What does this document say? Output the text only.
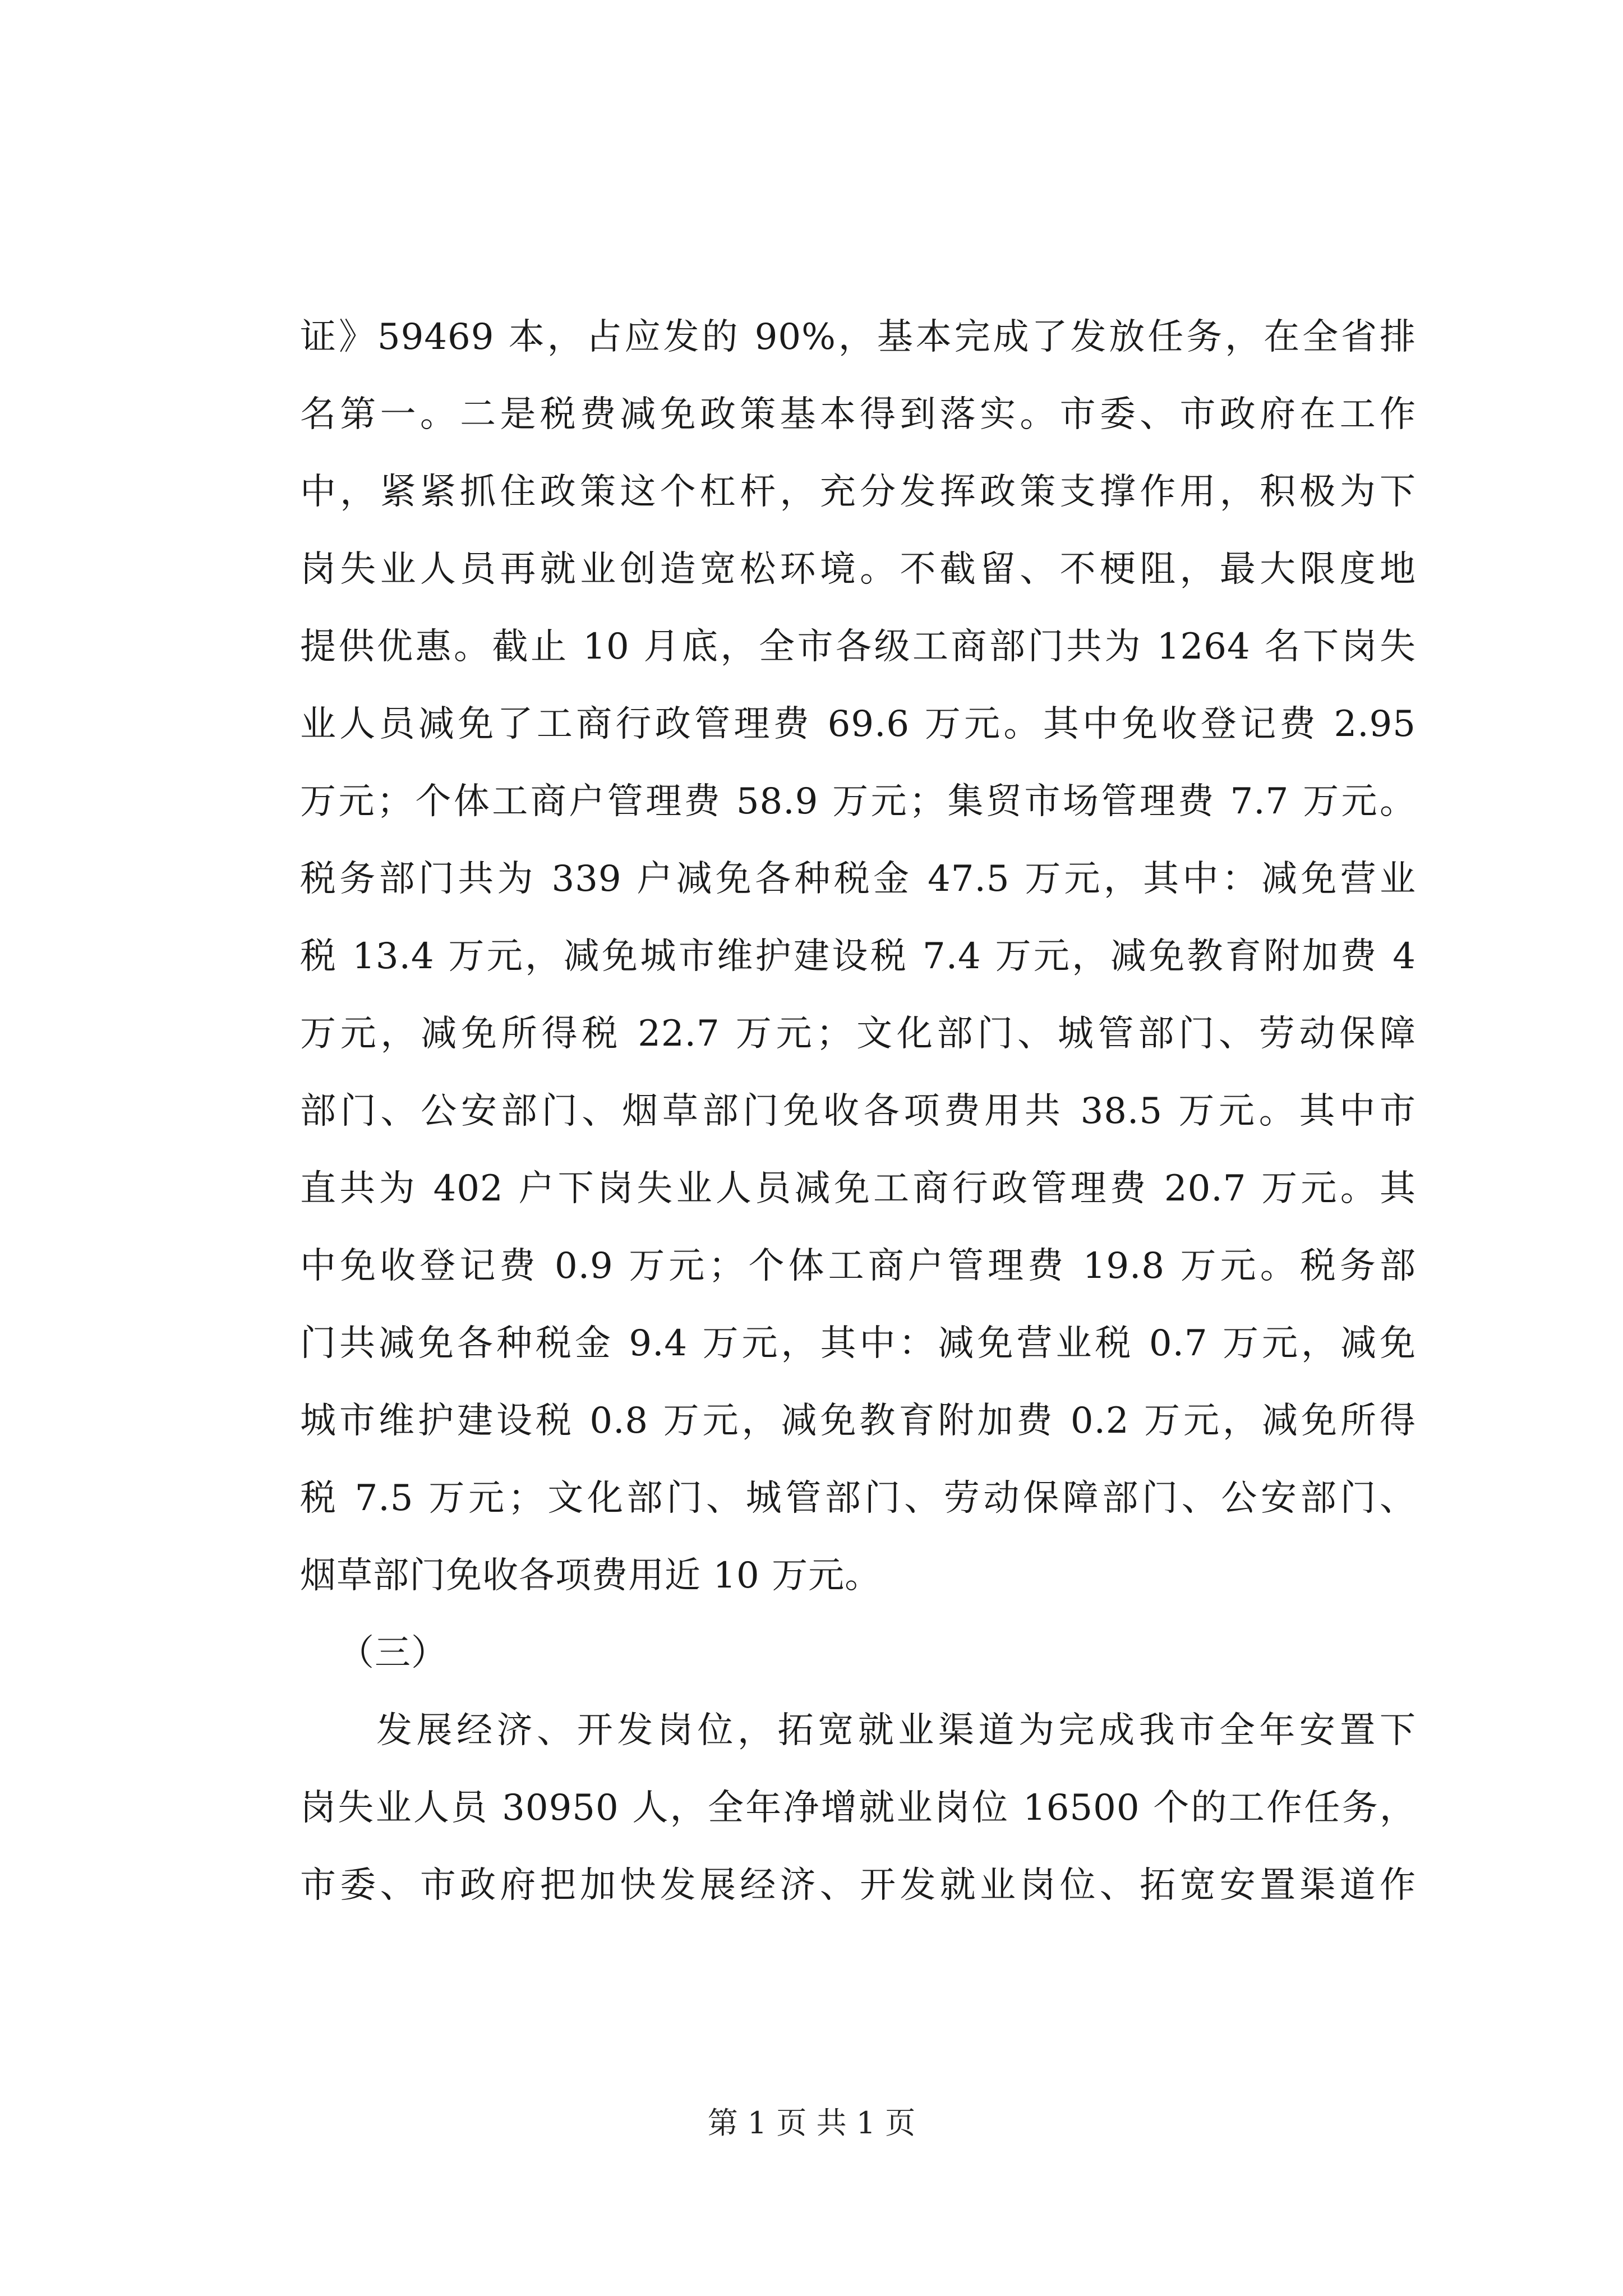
证》59469 本，占应发的 90%，基本完成了发放任务，在全省排
名第一。二是税费减免政策基本得到落实。市委、市政府在工作
中，紧紧抓住政策这个杠杆，充分发挥政策支撑作用，积极为下
岗失业人员再就业创造宽松环境。不截留、不梗阻，最大限度地
提供优惠。截止 10 月底，全市各级工商部门共为 1264 名下岗失
业人员减免了工商行政管理费 69.6 万元。其中免收登记费 2.95
万元；个体工商户管理费 58.9 万元；集贸市场管理费 7.7 万元。
税务部门共为 339 户减免各种税金 47.5 万元，其中：减免营业
税 13.4 万元，减免城市维护建设税 7.4 万元，减免教育附加费 4
万元，减免所得税 22.7 万元；文化部门、城管部门、劳动保障
部门、公安部门、烟草部门免收各项费用共 38.5 万元。其中市
直共为 402 户下岗失业人员减免工商行政管理费 20.7 万元。其
中免收登记费 0.9 万元；个体工商户管理费 19.8 万元。税务部
门共减免各种税金 9.4 万元，其中：减免营业税 0.7 万元，减免
城市维护建设税 0.8 万元，减免教育附加费 0.2 万元，减免所得
税 7.5 万元；文化部门、城管部门、劳动保障部门、公安部门、
烟草部门免收各项费用近 10 万元。
（三）
发展经济、开发岗位，拓宽就业渠道为完成我市全年安置下
岗失业人员 30950 人，全年净增就业岗位 16500 个的工作任务，
市委、市政府把加快发展经济、开发就业岗位、拓宽安置渠道作
第 1 页 共 1 页
